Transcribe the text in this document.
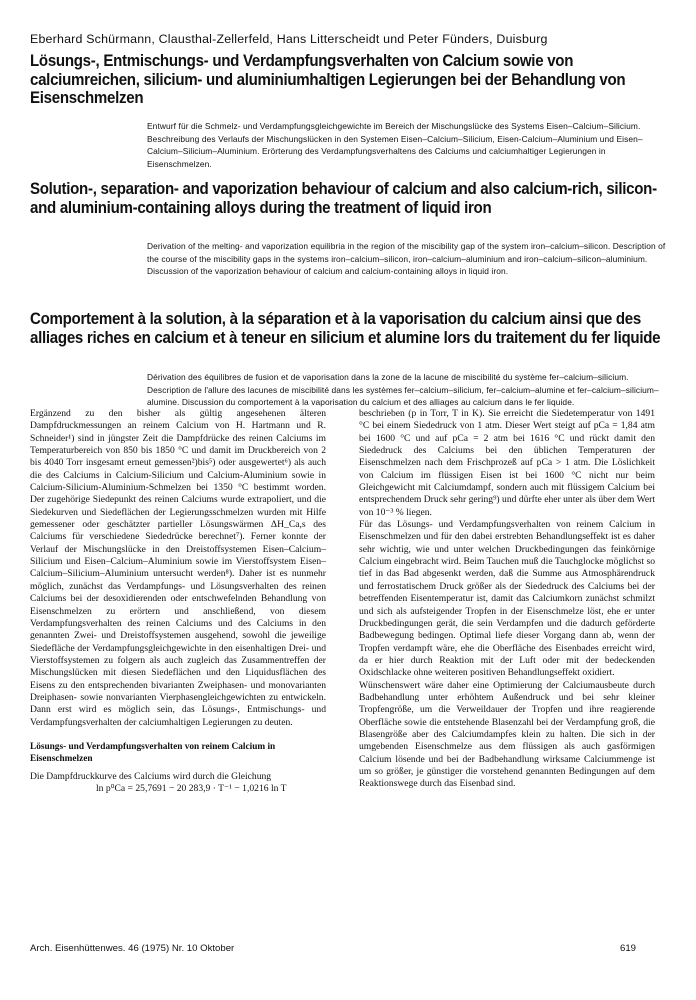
Eberhard Schürmann, Clausthal-Zellerfeld, Hans Litterscheidt und Peter Fünders, Duisburg
Lösungs-, Entmischungs- und Verdampfungsverhalten von Calcium sowie von calciumreichen, silicium- und aluminiumhaltigen Legierungen bei der Behandlung von Eisenschmelzen
Entwurf für die Schmelz- und Verdampfungsgleichgewichte im Bereich der Mischungslücke des Systems Eisen–Calcium–Silicium. Beschreibung des Verlaufs der Mischungslücken in den Systemen Eisen–Calcium–Silicium, Eisen-Calcium–Aluminium und Eisen–Calcium–Silicium–Aluminium. Erörterung des Verdampfungsverhaltens des Calciums und calciumhaltiger Legierungen in Eisenschmelzen.
Solution-, separation- and vaporization behaviour of calcium and also calcium-rich, silicon- and aluminium-containing alloys during the treatment of liquid iron
Derivation of the melting- and vaporization equilibria in the region of the miscibility gap of the system iron–calcium–silicon. Description of the course of the miscibility gaps in the systems iron–calcium–silicon, iron–calcium–aluminium and iron–calcium–silicon–aluminium. Discussion of the vaporization behaviour of calcium and calcium-containing alloys in liquid iron.
Comportement à la solution, à la séparation et à la vaporisation du calcium ainsi que des alliages riches en calcium et à teneur en silicium et alumine lors du traitement du fer liquide
Dérivation des équilibres de fusion et de vaporisation dans la zone de la lacune de miscibilité du système fer–calcium–silicium. Description de l'allure des lacunes de miscibilité dans les systèmes fer–calcium–silicium, fer–calcium–alumine et fer–calcium–silicium–alumine. Discussion du comportement à la vaporisation du calcium et des alliages au calcium dans le fer liquide.

Ergänzend zu den bisher als gültig angesehenen älteren Dampfdruckmessungen an reinem Calcium von H. Hartmann und R. Schneider¹) sind in jüngster Zeit die Dampfdrücke des reinen Calciums im Temperaturbereich von 850 bis 1850 °C und damit im Druckbereich von 2 bis 4040 Torr insgesamt erneut gemessen²)bis⁵) oder ausgewertet⁶) als auch die des Calciums in Calcium-Silicium und Calcium-Aluminium sowie in Calcium-Silicium-Aluminium-Schmelzen bei 1350 °C bestimmt worden. Der zugehörige Siedepunkt des reinen Calciums wurde extrapoliert, und die Siedekurven und Siedeflächen der Legierungsschmelzen wurden mit Hilfe gemessener oder geschätzter partieller Lösungswärmen ΔH_Ca,s des Calciums für verschiedene Siededrücke berechnet⁷). Ferner konnte der Verlauf der Mischungslücke in den Dreistoffsystemen Eisen–Calcium–Silicium und Eisen–Calcium–Aluminium sowie im Vierstoffsystem Eisen–Calcium–Silicium–Aluminium untersucht werden⁸). Daher ist es nunmehr möglich, zunächst das Verdampfungs- und Lösungsverhalten des reinen Calciums bei der desoxidierenden oder entschwefelnden Behandlung von Eisenschmelzen zu erörtern und anschließend, von diesem Verdampfungsverhalten des reinen Calciums und des Calciums in den genannten Zwei- und Dreistoffsystemen ausgehend, sowohl die jeweilige Siedefläche der Verdampfungsgleichgewichte in den eisenhaltigen Drei- und Vierstoffsystemen zu folgern als auch zugleich das Zusammentreffen der Mischungslücken mit diesen Siedeflächen und den Liquidusflächen des Eisens zu den entsprechenden bivarianten Zweiphasen- und monovarianten Dreiphasen- sowie nonvarianten Vierphasengleichgewichten zu entwickeln. Dann erst wird es möglich sein, das Lösungs-, Entmischungs- und Verdampfungsverhalten der calciumhaltigen Legierungen zu deuten.

Lösungs- und Verdampfungsverhalten von reinem Calcium in Eisenschmelzen

Die Dampfdruckkurve des Calciums wird durch die Gleichung

ln p⁰Ca = 25,7691 − 20 283,9 · T⁻¹ − 1,0216 ln T

beschrieben (p in Torr, T in K). Sie erreicht die Siedetemperatur von 1491 °C bei einem Siededruck von 1 atm. Dieser Wert steigt auf pCa = 1,84 atm bei 1600 °C und auf pCa = 2 atm bei 1616 °C und rückt damit den Siededruck des Calciums bei den üblichen Temperaturen der Eisenschmelzen nach dem Frischprozeß auf pCa > 1 atm. Die Löslichkeit von Calcium im flüssigen Eisen ist bei 1600 °C nicht nur beim Gleichgewicht mit Calciumdampf, sondern auch mit flüssigem Calcium bei entsprechendem Druck sehr gering⁹) und dürfte eher unter als über dem Wert von 10⁻³ % liegen.

Für das Lösungs- und Verdampfungsverhalten von reinem Calcium in Eisenschmelzen und für den dabei erstrebten Behandlungseffekt ist es daher sehr wichtig, wie und unter welchen Druckbedingungen das feinkörnige Calcium eingebracht wird. Beim Tauchen muß die Tauchglocke möglichst so tief in das Bad abgesenkt werden, daß die Summe aus Atmosphärendruck und ferrostatischem Druck größer als der Siededruck des Calciums bei der betreffenden Eisentemperatur ist, damit das Calciumkorn zunächst schmilzt und sich als aufsteigender Tropfen in der Eisenschmelze löst, ehe er unter Druckbedingungen gerät, die sein Verdampfen und die dadurch geförderte Badbewegung bedingen. Optimal liefe dieser Vorgang dann ab, wenn der Tropfen verdampft wäre, ehe die Oberfläche des Eisenbades erreicht wird, da er hier durch Reaktion mit der Luft oder mit der bedeckenden Oxidschlacke ohne weiteren positiven Behandlungseffekt oxidiert.

Wünschenswert wäre daher eine Optimierung der Calciumausbeute durch Badbehandlung unter erhöhtem Außendruck und bei sehr kleiner Tropfengröße, um die Verweildauer der Tropfen und ihre reagierende Oberfläche sowie die entstehende Blasenzahl bei der Verdampfung groß, die Blasengröße aber des Calciumdampfes klein zu halten. Die sich in der umgebenden Eisenschmelze aus dem flüssigen als auch gasförmigen Calcium lösende und bei der Badbehandlung wirksame Calciummenge ist um so größer, je günstiger die vorstehend genannten Bedingungen auf dem Reaktionswege durch das Eisenbad sind.

Arch. Eisenhüttenwes. 46 (1975) Nr. 10 Oktober	619
